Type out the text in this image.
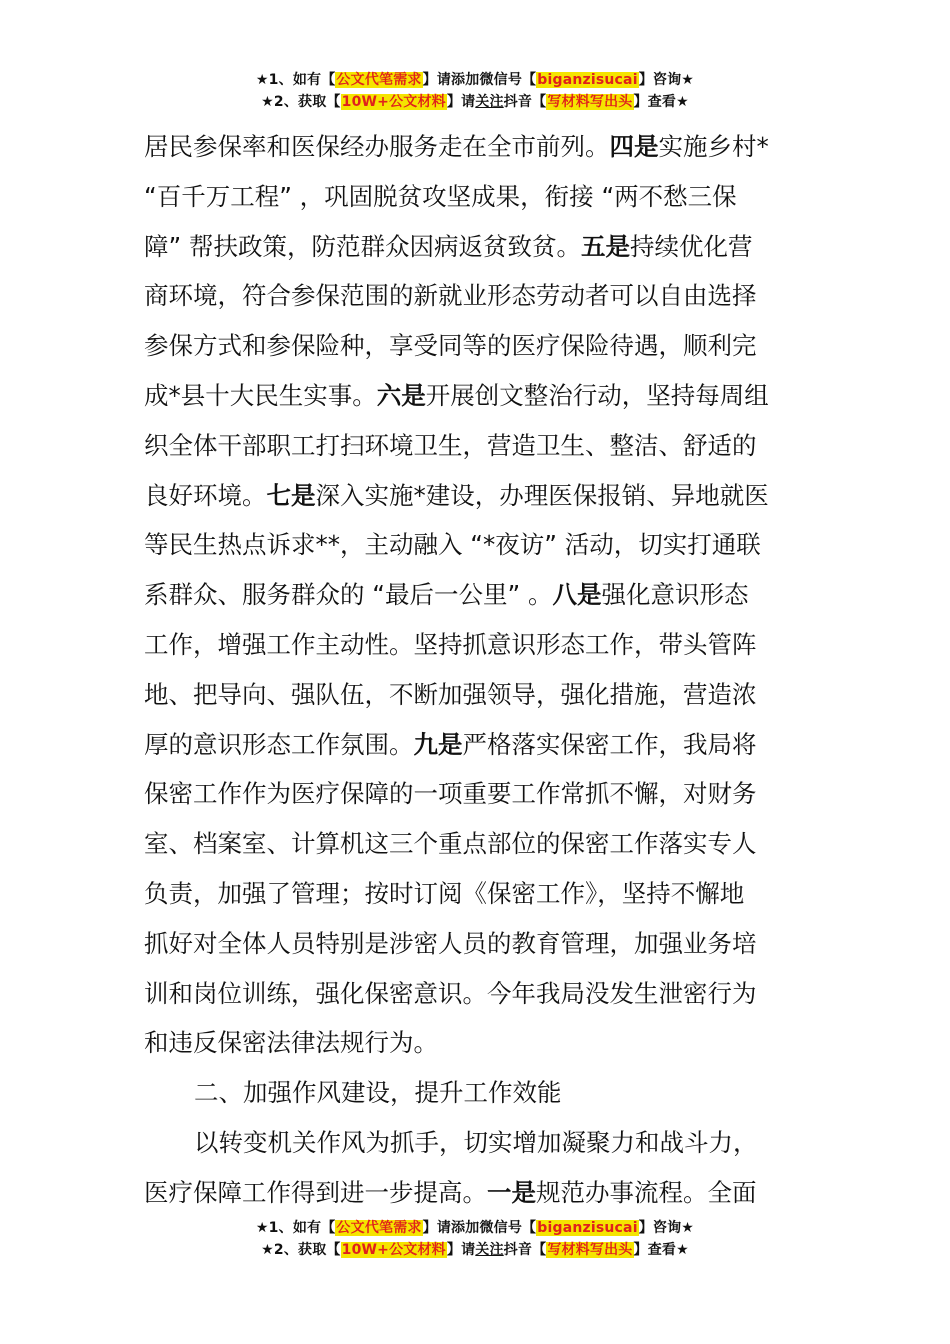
★1、如有【公文代笔需求】请添加微信号【biganzisucai】咨询★
★2、获取【10W+公文材料】请关注抖音【写材料写出头】查看★

居民参保率和医保经办服务走在全市前列。四是实施乡村*

“百千万工程” ，巩固脱贫攻坚成果，衔接 “两不愁三保

障” 帮扶政策，防范群众因病返贫致贫。五是持续优化营

商环境，符合参保范围的新就业形态劳动者可以自由选择

参保方式和参保险种，享受同等的医疗保险待遇，顺利完

成*县十大民生实事。六是开展创文整治行动，坚持每周组

织全体干部职工打扫环境卫生，营造卫生、整洁、舒适的

良好环境。七是深入实施*建设，办理医保报销、异地就医

等民生热点诉求**，主动融入 “*夜访” 活动，切实打通联

系群众、服务群众的 “最后一公里” 。八是强化意识形态

工作，增强工作主动性。坚持抓意识形态工作，带头管阵

地、把导向、强队伍，不断加强领导，强化措施，营造浓

厚的意识形态工作氛围。九是严格落实保密工作，我局将

保密工作作为医疗保障的一项重要工作常抓不懈，对财务

室、档案室、计算机这三个重点部位的保密工作落实专人

负责，加强了管理；按时订阅《保密工作》，坚持不懈地

抓好对全体人员特别是涉密人员的教育管理，加强业务培

训和岗位训练，强化保密意识。今年我局没发生泄密行为

和违反保密法律法规行为。

二、加强作风建设，提升工作效能

以转变机关作风为抓手，切实增加凝聚力和战斗力，

医疗保障工作得到进一步提高。一是规范办事流程。全面

★1、如有【公文代笔需求】请添加微信号【biganzisucai】咨询★
★2、获取【10W+公文材料】请关注抖音【写材料写出头】查看★
